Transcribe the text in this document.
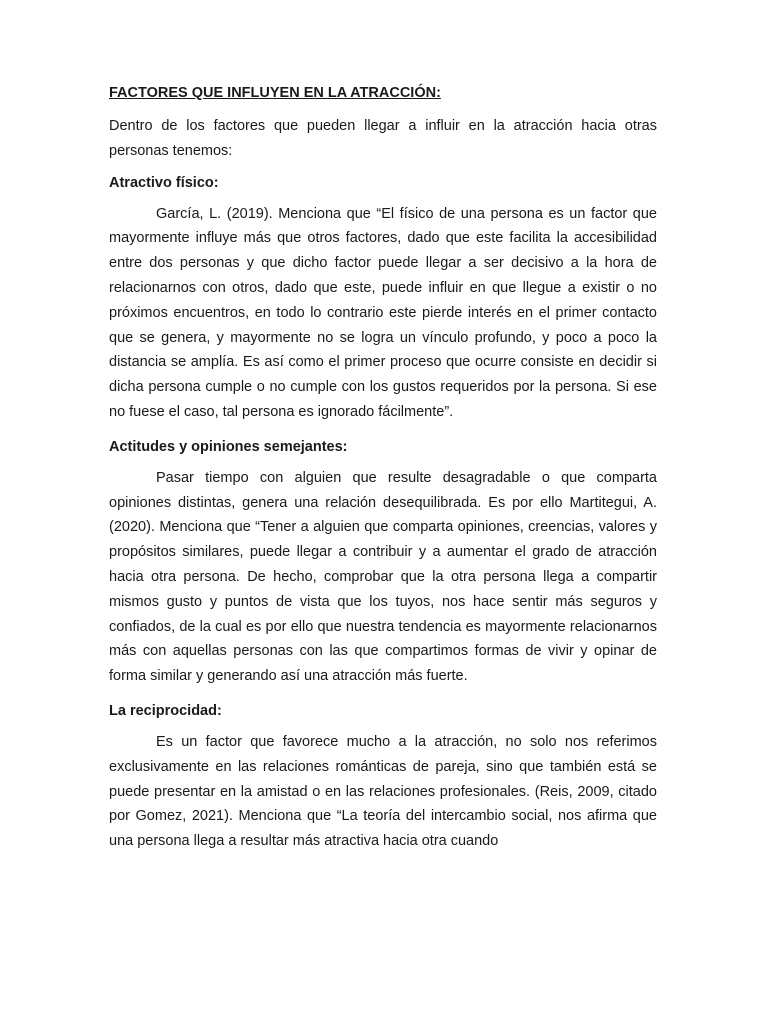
FACTORES QUE INFLUYEN EN LA ATRACCIÓN:

Dentro de los factores que pueden llegar a influir en la atracción hacia otras personas tenemos:

Atractivo físico:

García, L. (2019). Menciona que “El físico de una persona es un factor que mayormente influye más que otros factores, dado que este facilita la accesibilidad entre dos personas y que dicho factor puede llegar a ser decisivo a la hora de relacionarnos con otros, dado que este, puede influir en que llegue a existir o no próximos encuentros, en todo lo contrario este pierde interés en el primer contacto que se genera, y mayormente no se logra un vínculo profundo, y poco a poco la distancia se amplía. Es así como el primer proceso que ocurre consiste en decidir si dicha persona cumple o no cumple con los gustos requeridos por la persona. Si ese no fuese el caso, tal persona es ignorado fácilmente”.

Actitudes y opiniones semejantes:

Pasar tiempo con alguien que resulte desagradable o que comparta opiniones distintas, genera una relación desequilibrada. Es por ello Martitegui, A. (2020). Menciona que “Tener a alguien que comparta opiniones, creencias, valores y propósitos similares, puede llegar a contribuir y a aumentar el grado de atracción hacia otra persona. De hecho, comprobar que la otra persona llega a compartir mismos gusto y puntos de vista que los tuyos, nos hace sentir más seguros y confiados, de la cual es por ello que nuestra tendencia es mayormente relacionarnos más con aquellas personas con las que compartimos formas de vivir y opinar de forma similar y generando así una atracción más fuerte.

La reciprocidad:

Es un factor que favorece mucho a la atracción, no solo nos referimos exclusivamente en las relaciones románticas de pareja, sino que también está se puede presentar en la amistad o en las relaciones profesionales. (Reis, 2009, citado por Gomez, 2021). Menciona que “La teoría del intercambio social, nos afirma que una persona llega a resultar más atractiva hacia otra cuando
